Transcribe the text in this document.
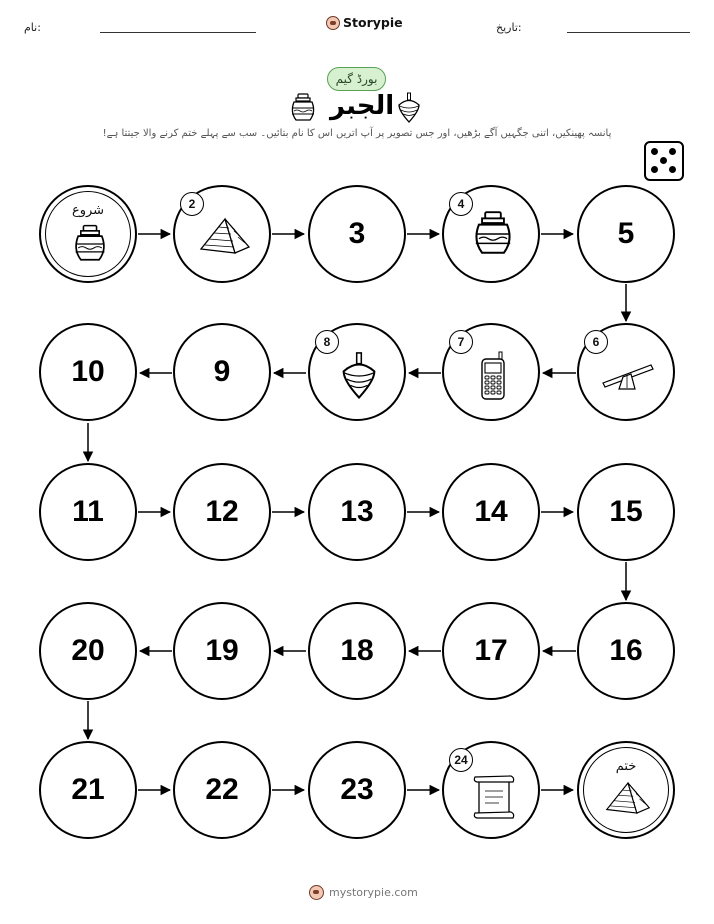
نام:	Storypie	تاریخ:
بورڈ گیم
الجبر
پانسہ پھینکیں، اتنی جگہیں آگے بڑھیں، اور جس تصویر پر آپ اتریں اس کا نام بتائیں۔ سب سے پہلے ختم کرنے والا جیتتا ہے!
شروع	2
3
4
5
6
7
8
9
10
11	12	13	14	15
16
17
18
19
20
21	22	23
24	ختم
mystorypie.com
